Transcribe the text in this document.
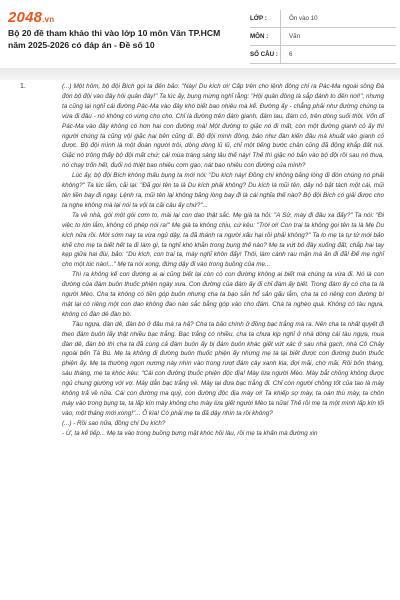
2048.vn
Bộ 20 đề tham khảo thi vào lớp 10 môn Văn TP.HCM năm 2025-2026 có đáp án - Đề số 10
LỚP :	Ôn vào 10
MÔN :	Văn
SỐ CÂU :	6
1.	(...) Một hôm, bộ đội Bích gọi ta đến bảo: "Này! Du kích ơi! Cấp trên cho lệnh đông chỉ ra Pác-Ma ngoài sông Đà đón bộ đội vào đây hôi quân đây!" Ta lúc ấy, bụng mừng nghĩ rằng: "Hội quân đông là sắp đánh to đến nơi!", nhưng ta cũng lại nghĩ cái đường Pác-Ma vào đây khó biết bao nhiêu mà kể. Đường ấy - chẳng phải như đường chúng ta vừa đi đâu - nó không có vừng cho cho. Chỉ là đường trên đám gianh, đám lau, đám cỏ, trên dòng suối thôi. Vốn dĩ Pác-Ma vào đây không có hơn hai con đường mà! Một đường to giặc nó đi mất, còn một đường gianh cỏ ấy thì người chúng ta cũng vội giặc hai bên cũng đi. Bộ đội mình đông, bảo như đàn kiến đâu mà khuất vào gianh cỏ được. Bộ đội mình là một đoàn người trôi, dòng dòng lũ lũ, chỉ một tiếng bước chân cũng đã động khắp đất núi. Giặc nó trông thấy bộ đội mất chứ; cái mùa tráng sáng lâu thế này! Thế thì giặc nó bắn vào bộ đội rồi sau nó thua, nó chạy trốn hết, đuổi nó thiệt bao nhiêu cơm gạo, nát bao nhiêu con đường của mình?

Lúc ấy, bộ đội Bích không thấu bụng ta mới nói: "Du kích này! Đồng chí không băng lòng đi đón chúng nó phải không?" Ta lúc lắm, cãi lại: "Đã gọi tên ta là Du kích phải không? Du kích là mũi tên, dây nỏ bật tách một cái, mũi tên liền bay đi ngay. Lệnh ra, mũi tên lại không băng lòng bay đi là cái nghĩa thế nào? Bộ đội Bích có giải được cho ta nghe không mà lại nói ta vội ta cãi câu ấy chứ?"...

Ta về nhà, gói một gói cơm to, mài lại con dao thật sắc. Mẹ già ta hỏi: "A Sử, mày đi đâu xa đấy?" Ta nói: "Đi việc to lớn lắm, không có phép nói ra!" Mẹ già ta không chịu, cứ kêu: "Trời ơi! Con trai ta không gọi tên ta là Mẹ Du kích nữa rồi. Mới sớm nay ta vừa ngủ dậy, ta đã thánh ra người xấu hại rồi phải không?" Ta lo mẹ ta tự tử mới bảo khẽ cho mẹ ta biết hết ta đi làm gì, ta nghĩ khó khăn trong bụng thế nào? Mẹ ta vứt bỏ đây xuống đất, chắp hai tay kẹp giữa hai đùi, bảo: "Du kích, con trai ta, mày nghĩ khôn đấy! Thôi, làm cành rau mặn mà ăn đi đã! Để mẹ nghĩ cho một lúc nào!..." Mẹ ta nói xong, đứng dậy đi vào trong buồng của mẹ...

Thì ra không kể con đường ai ai cũng biết lại còn có con đường không ai biết mà chúng ta vừa đi. Nó là con đường của đám buôn thuốc phiện ngày xưa. Con đường của đám ấy đi chỉ đám ấy biết. Trong đám ấy có cha ta là người Mèo. Cha ta không có tiền góp buôn nhưng cha ta bạo sắn hổ sản gấu lắm, cha ta có riêng con đường bí mật lại có riêng một con dao không đao nào sắc bằng góp vào cho đám. Cha ta nghèo quá. Không có tàu ngựa, không có đàn dê đàn bò.

Tàu ngựa, đàn dê, đàn bò ở đâu mà ra hả? Cha ta bảo chính ở đồng bạc trắng mà ra. Nên cha ta nhất quyết đi theo đám buôn lấy thật nhiều bạc trắng. Bạc trắng có nhiều, cha ta chưa kịp nghỉ ở nhà dòng cái tàu ngựa, mua đàn dê, đàn bò thì cha ta đã cùng cả đám buôn ấy bị đám buôn khác giết vứt xác ở sau nhà gạch, nhà Cô Chảy ngoài bến Tà Bú. Mẹ ta không đi đường buôn thuốc phiện ấy nhưng mẹ ta lại biết được con đường buôn thuốc phiện ấy. Mẹ ta thường ngọn nương này nhìn vào trong rượt đám cây xanh kia, đợi mãi, chờ mãi. Rồi bốn tháng, sáu tháng, mẹ ta khóc kêu: "Cái con đường thuốc phiện độc địa! Mày lừa người Mèo. Mày bắt chồng không được ngủ chung giường với vợ. Mày dẫn bạc trắng về. Mày lại đưa bạc trắng đi. Chỉ còn người chồng tốt của tao là mày không trả về nữa. Cái con đường ma quỷ, con đường độc địa mày ơi! Ta khiếp sợ mày, ta oán thù mày, ta chôn mày vào trong bụng ta, ta lấp kín mày không cho mày lừa giết người Mèo ta nữa! Thế rồi mẹ ta một mình lấp kín lối vào, một tháng mới xong!"... Ô kìa! Có phải mẹ ta đã dậy nhìn ta rồi không?

(...) - Rồi sao nữa, đồng chí Du kích?

- Ừ, ta kể tiếp... Mẹ ta vào trong buồng bưng mặt khóc hồi lâu, rồi mẹ ta khấn mà đường xin
